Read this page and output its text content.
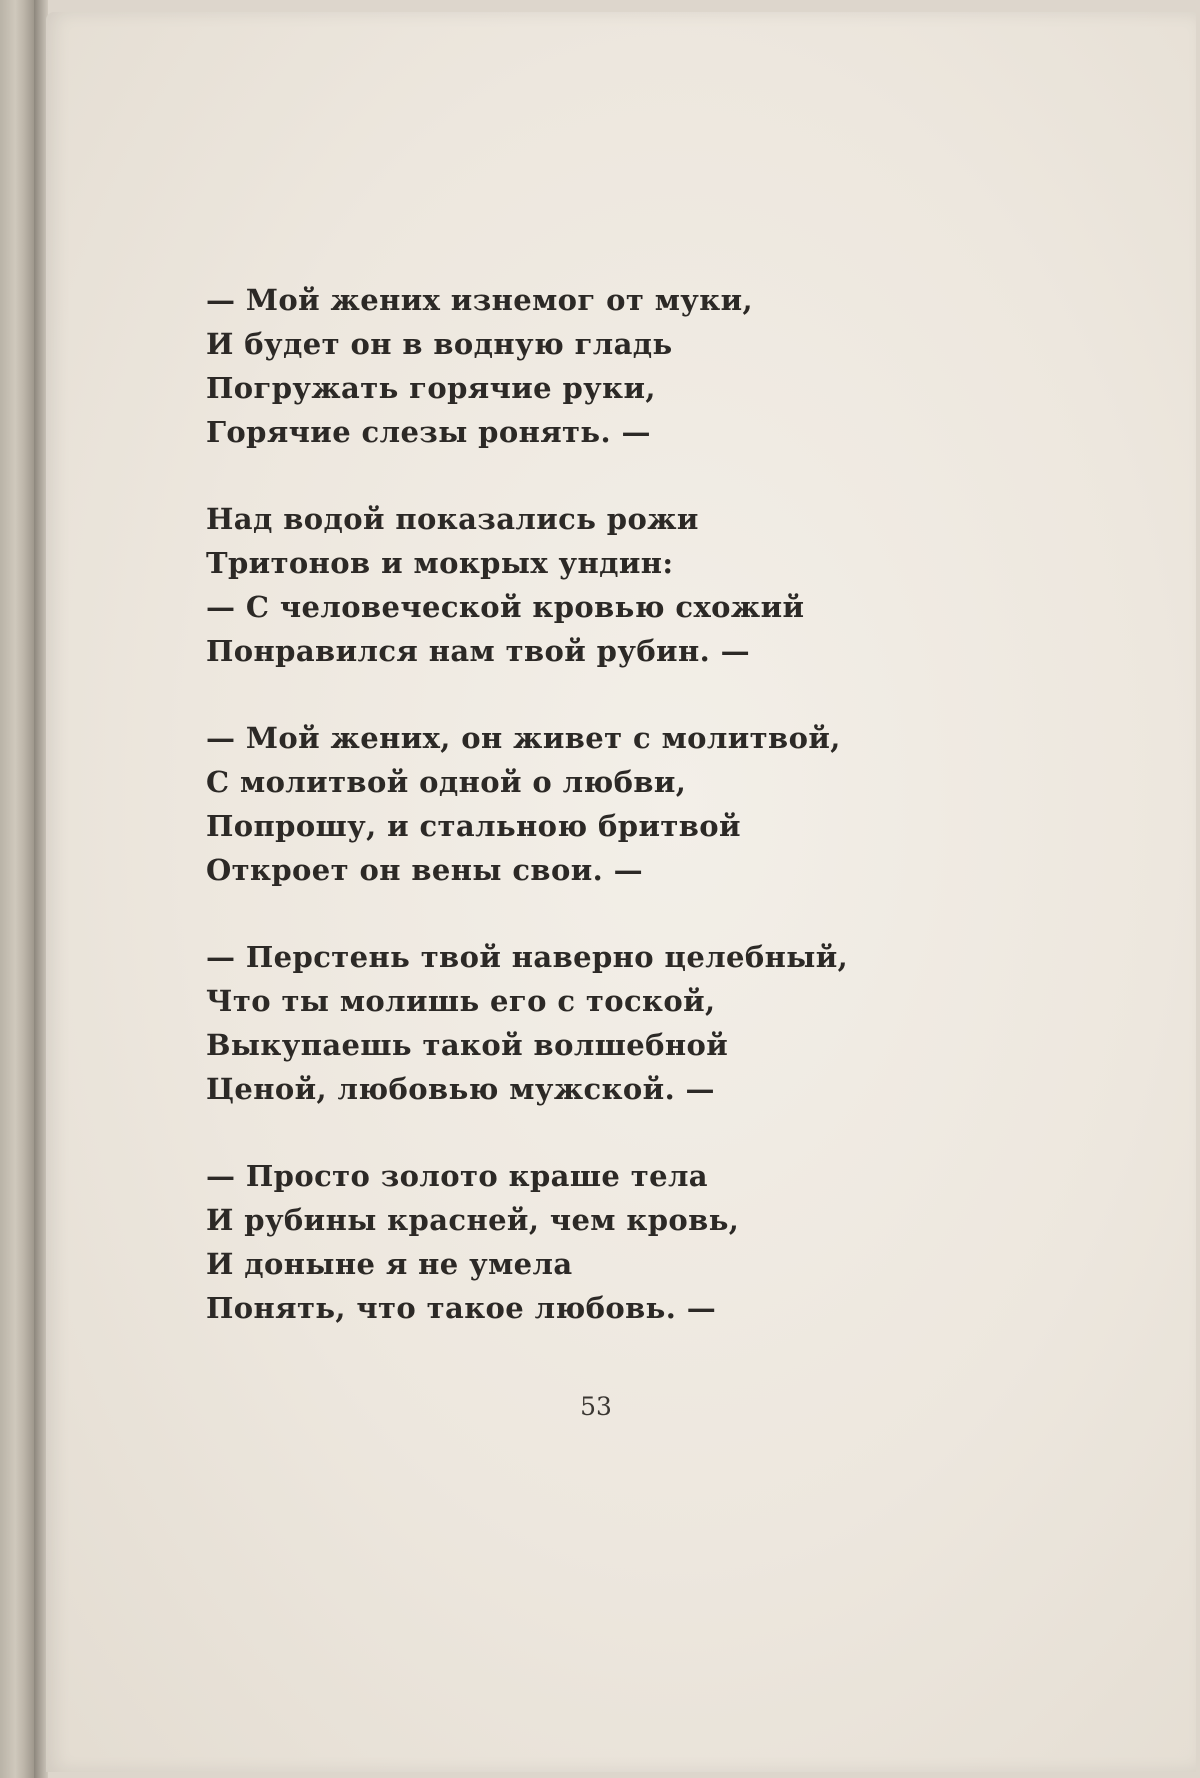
— Мой жених изнемог от муки,
И будет он в водную гладь
Погружать горячие руки,
Горячие слезы ронять. —
Над водой показались рожи
Тритонов и мокрых ундин:
— С человеческой кровью схожий
Понравился нам твой рубин. —
— Мой жених, он живет с молитвой,
С молитвой одной о любви,
Попрошу, и стальною бритвой
Откроет он вены свои. —
— Перстень твой наверно целебный,
Что ты молишь его с тоской,
Выкупаешь такой волшебной
Ценой, любовью мужской. —
— Просто золото краше тела
И рубины красней, чем кровь,
И доныне я не умела
Понять, что такое любовь. —
53
